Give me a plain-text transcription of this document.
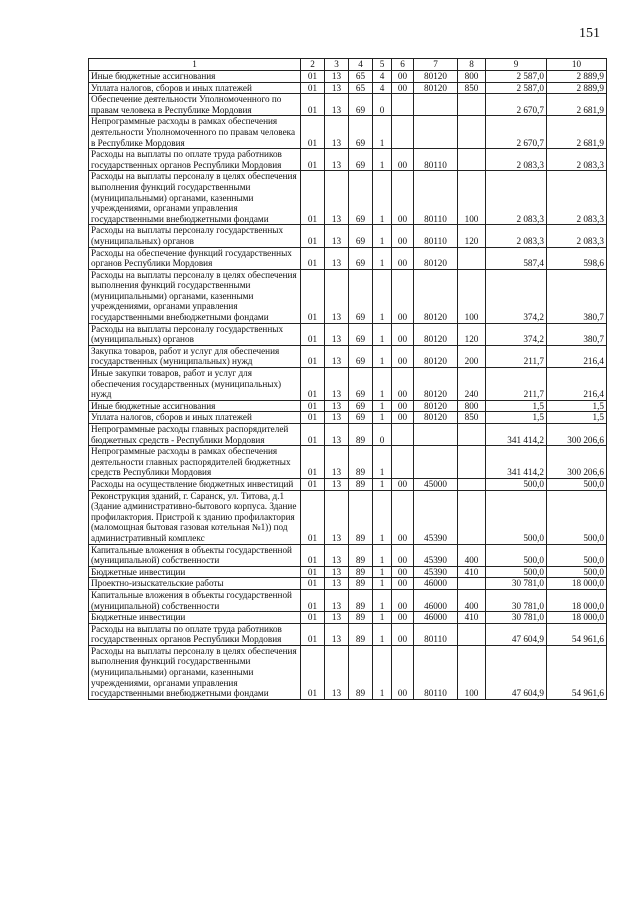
151
1	2	3	4	5	6	7	8	9	10
Иные бюджетные ассигнования	01	13	65	4	00	80120	800	2 587,0	2 889,9
Уплата налогов, сборов и иных платежей	01	13	65	4	00	80120	850	2 587,0	2 889,9
Обеспечение деятельности Уполномоченного по правам человека в Республике Мордовия	01	13	69	0				2 670,7	2 681,9
Непрограммные расходы в рамках обеспечения деятельности Уполномоченного по правам человека в Республике Мордовия	01	13	69	1				2 670,7	2 681,9
Расходы на выплаты по оплате труда работников государственных органов Республики Мордовия	01	13	69	1	00	80110		2 083,3	2 083,3
Расходы на выплаты персоналу в целях обеспечения выполнения функций государственными (муниципальными) органами, казенными учреждениями, органами управления государственными внебюджетными фондами	01	13	69	1	00	80110	100	2 083,3	2 083,3
Расходы на выплаты персоналу государственных (муниципальных) органов	01	13	69	1	00	80110	120	2 083,3	2 083,3
Расходы на обеспечение функций государственных органов Республики Мордовия	01	13	69	1	00	80120		587,4	598,6
Расходы на выплаты персоналу в целях обеспечения выполнения функций государственными (муниципальными) органами, казенными учреждениями, органами управления государственными внебюджетными фондами	01	13	69	1	00	80120	100	374,2	380,7
Расходы на выплаты персоналу государственных (муниципальных) органов	01	13	69	1	00	80120	120	374,2	380,7
Закупка товаров, работ и услуг для обеспечения государственных (муниципальных) нужд	01	13	69	1	00	80120	200	211,7	216,4
Иные закупки товаров, работ и услуг для обеспечения государственных (муниципальных) нужд	01	13	69	1	00	80120	240	211,7	216,4
Иные бюджетные ассигнования	01	13	69	1	00	80120	800	1,5	1,5
Уплата налогов, сборов и иных платежей	01	13	69	1	00	80120	850	1,5	1,5
Непрограммные расходы главных распорядителей бюджетных средств - Республики Мордовия	01	13	89	0				341 414,2	300 206,6
Непрограммные расходы в рамках обеспечения деятельности главных распорядителей бюджетных средств Республики Мордовия	01	13	89	1				341 414,2	300 206,6
Расходы на осуществление бюджетных инвестиций	01	13	89	1	00	45000		500,0	500,0
Реконструкция зданий, г. Саранск, ул. Титова, д.1 (Здание административно-бытового корпуса. Здание профилактория. Пристрой к зданию профилактория (маломощная бытовая газовая котельная №1)) под административный комплекс	01	13	89	1	00	45390		500,0	500,0
Капитальные вложения в объекты государственной (муниципальной) собственности	01	13	89	1	00	45390	400	500,0	500,0
Бюджетные инвестиции	01	13	89	1	00	45390	410	500,0	500,0
Проектно-изыскательские работы	01	13	89	1	00	46000		30 781,0	18 000,0
Капитальные вложения в объекты государственной (муниципальной) собственности	01	13	89	1	00	46000	400	30 781,0	18 000,0
Бюджетные инвестиции	01	13	89	1	00	46000	410	30 781,0	18 000,0
Расходы на выплаты по оплате труда работников государственных органов Республики Мордовия	01	13	89	1	00	80110		47 604,9	54 961,6
Расходы на выплаты персоналу в целях обеспечения выполнения функций государственными (муниципальными) органами, казенными учреждениями, органами управления государственными внебюджетными фондами	01	13	89	1	00	80110	100	47 604,9	54 961,6
